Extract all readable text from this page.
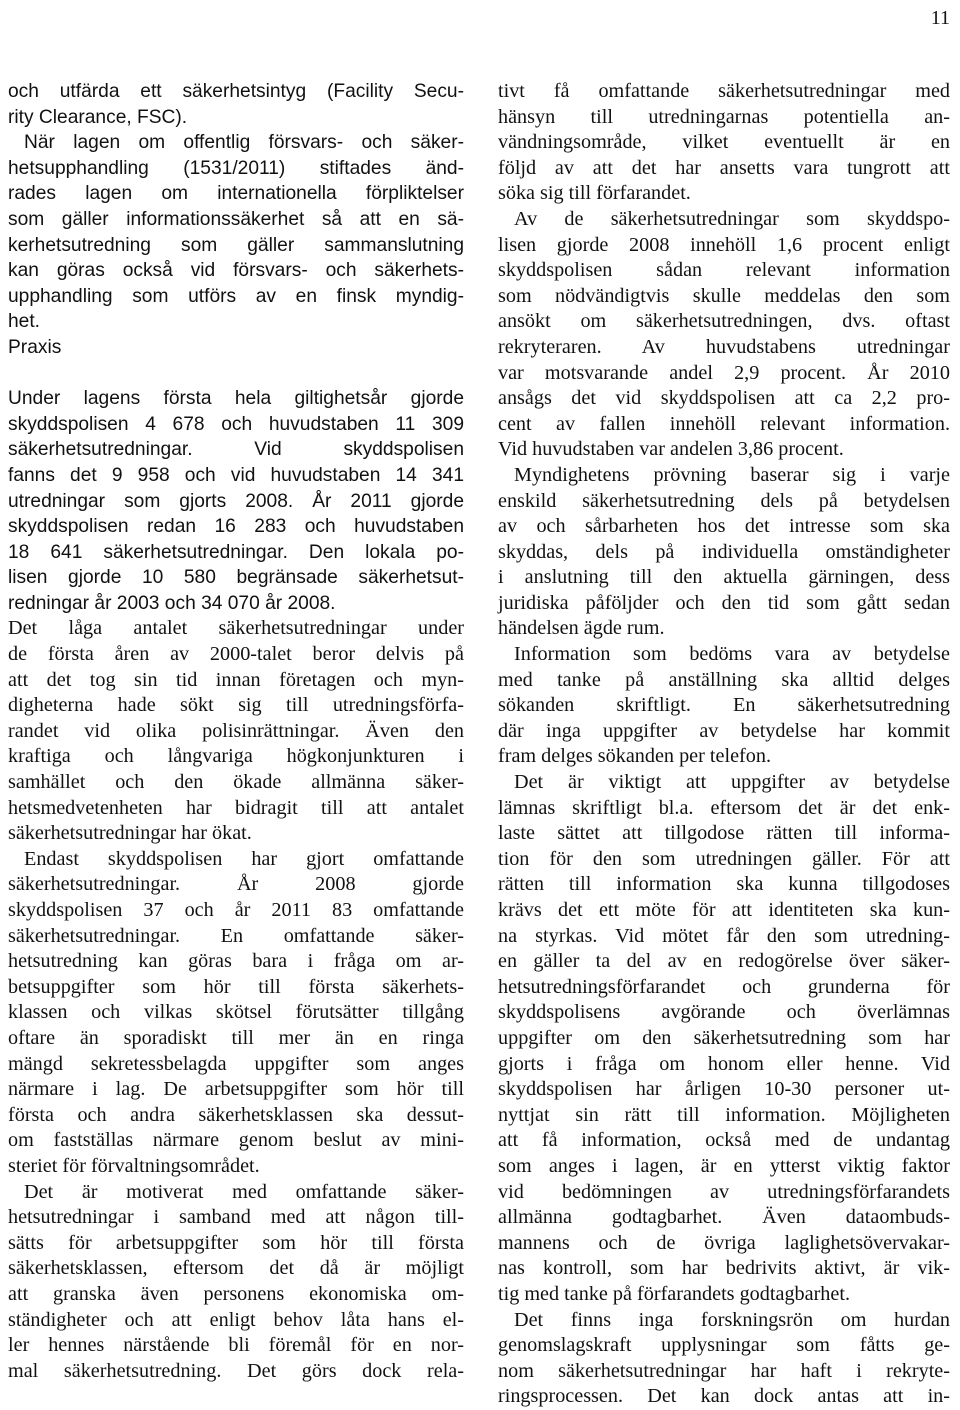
11
och utfärda ett säkerhetsintyg (Facility Secu-
rity Clearance, FSC).
När lagen om offentlig försvars- och säker-
hetsupphandling (1531/2011) stiftades änd-
rades lagen om internationella förpliktelser
som gäller informationssäkerhet så att en sä-
kerhetsutredning som gäller sammanslutning
kan göras också vid försvars- och säkerhets-
upphandling som utförs av en finsk myndig-
het.
Praxis
Under lagens första hela giltighetsår gjorde
skyddspolisen 4 678 och huvudstaben 11 309
säkerhetsutredningar. Vid skyddspolisen
fanns det 9 958 och vid huvudstaben 14 341
utredningar som gjorts 2008. År 2011 gjorde
skyddspolisen redan 16 283 och huvudstaben
18 641 säkerhetsutredningar. Den lokala po-
lisen gjorde 10 580 begränsade säkerhetsut-
redningar år 2003 och 34 070 år 2008.
Det låga antalet säkerhetsutredningar under
de första åren av 2000-talet beror delvis på
att det tog sin tid innan företagen och myn-
digheterna hade sökt sig till utredningsförfa-
randet vid olika polisinrättningar. Även den
kraftiga och långvariga högkonjunkturen i
samhället och den ökade allmänna säker-
hetsmedvetenheten har bidragit till att antalet
säkerhetsutredningar har ökat.
Endast skyddspolisen har gjort omfattande
säkerhetsutredningar. År 2008 gjorde
skyddspolisen 37 och år 2011 83 omfattande
säkerhetsutredningar. En omfattande säker-
hetsutredning kan göras bara i fråga om ar-
betsuppgifter som hör till första säkerhets-
klassen och vilkas skötsel förutsätter tillgång
oftare än sporadiskt till mer än en ringa
mängd sekretessbelagda uppgifter som anges
närmare i lag. De arbetsuppgifter som hör till
första och andra säkerhetsklassen ska dessut-
om fastställas närmare genom beslut av mini-
steriet för förvaltningsområdet.
Det är motiverat med omfattande säker-
hetsutredningar i samband med att någon till-
sätts för arbetsuppgifter som hör till första
säkerhetsklassen, eftersom det då är möjligt
att granska även personens ekonomiska om-
ständigheter och att enligt behov låta hans el-
ler hennes närstående bli föremål för en nor-
mal säkerhetsutredning. Det görs dock rela-
tivt få omfattande säkerhetsutredningar med
hänsyn till utredningarnas potentiella an-
vändningsområde, vilket eventuellt är en
följd av att det har ansetts vara tungrott att
söka sig till förfarandet.
Av de säkerhetsutredningar som skyddspo-
lisen gjorde 2008 innehöll 1,6 procent enligt
skyddspolisen sådan relevant information
som nödvändigtvis skulle meddelas den som
ansökt om säkerhetsutredningen, dvs. oftast
rekryteraren. Av huvudstabens utredningar
var motsvarande andel 2,9 procent. År 2010
ansågs det vid skyddspolisen att ca 2,2 pro-
cent av fallen innehöll relevant information.
Vid huvudstaben var andelen 3,86 procent.
Myndighetens prövning baserar sig i varje
enskild säkerhetsutredning dels på betydelsen
av och sårbarheten hos det intresse som ska
skyddas, dels på individuella omständigheter
i anslutning till den aktuella gärningen, dess
juridiska påföljder och den tid som gått sedan
händelsen ägde rum.
Information som bedöms vara av betydelse
med tanke på anställning ska alltid delges
sökanden skriftligt. En säkerhetsutredning
där inga uppgifter av betydelse har kommit
fram delges sökanden per telefon.
Det är viktigt att uppgifter av betydelse
lämnas skriftligt bl.a. eftersom det är det enk-
laste sättet att tillgodose rätten till informa-
tion för den som utredningen gäller. För att
rätten till information ska kunna tillgodoses
krävs det ett möte för att identiteten ska kun-
na styrkas. Vid mötet får den som utredning-
en gäller ta del av en redogörelse över säker-
hetsutredningsförfarandet och grunderna för
skyddspolisens avgörande och överlämnas
uppgifter om den säkerhetsutredning som har
gjorts i fråga om honom eller henne. Vid
skyddspolisen har årligen 10-30 personer ut-
nyttjat sin rätt till information. Möjligheten
att få information, också med de undantag
som anges i lagen, är en ytterst viktig faktor
vid bedömningen av utredningsförfarandets
allmänna godtagbarhet. Även dataombuds-
mannens och de övriga laglighetsövervakar-
nas kontroll, som har bedrivits aktivt, är vik-
tig med tanke på förfarandets godtagbarhet.
Det finns inga forskningsrön om hurdan
genomslagskraft upplysningar som fåtts ge-
nom säkerhetsutredningar har haft i rekryte-
ringsprocessen. Det kan dock antas att in-
